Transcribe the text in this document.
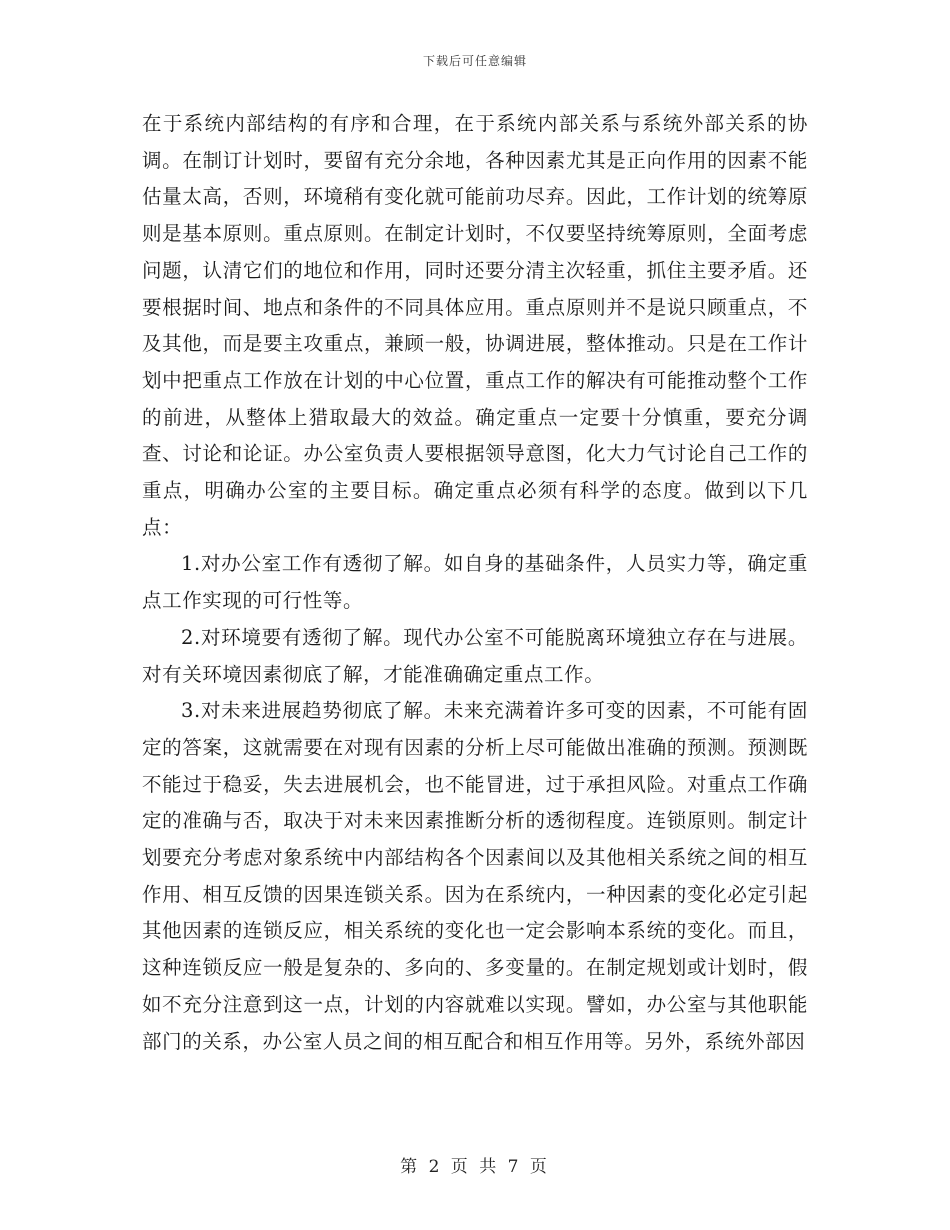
下载后可任意编辑

在于系统内部结构的有序和合理，在于系统内部关系与系统外部关系的协调。在制订计划时，要留有充分余地，各种因素尤其是正向作用的因素不能估量太高，否则，环境稍有变化就可能前功尽弃。因此，工作计划的统筹原则是基本原则。重点原则。在制定计划时，不仅要坚持统筹原则，全面考虑问题，认清它们的地位和作用，同时还要分清主次轻重，抓住主要矛盾。还要根据时间、地点和条件的不同具体应用。重点原则并不是说只顾重点，不及其他，而是要主攻重点，兼顾一般，协调进展，整体推动。只是在工作计划中把重点工作放在计划的中心位置，重点工作的解决有可能推动整个工作的前进，从整体上猎取最大的效益。确定重点一定要十分慎重，要充分调查、讨论和论证。办公室负责人要根据领导意图，化大力气讨论自己工作的重点，明确办公室的主要目标。确定重点必须有科学的态度。做到以下几点：

1.对办公室工作有透彻了解。如自身的基础条件，人员实力等，确定重点工作实现的可行性等。

2.对环境要有透彻了解。现代办公室不可能脱离环境独立存在与进展。对有关环境因素彻底了解，才能准确确定重点工作。

3.对未来进展趋势彻底了解。未来充满着许多可变的因素，不可能有固定的答案，这就需要在对现有因素的分析上尽可能做出准确的预测。预测既不能过于稳妥，失去进展机会，也不能冒进，过于承担风险。对重点工作确定的准确与否，取决于对未来因素推断分析的透彻程度。连锁原则。制定计划要充分考虑对象系统中内部结构各个因素间以及其他相关系统之间的相互作用、相互反馈的因果连锁关系。因为在系统内，一种因素的变化必定引起其他因素的连锁反应，相关系统的变化也一定会影响本系统的变化。而且，这种连锁反应一般是复杂的、多向的、多变量的。在制定规划或计划时，假如不充分注意到这一点，计划的内容就难以实现。譬如，办公室与其他职能部门的关系，办公室人员之间的相互配合和相互作用等。另外，系统外部因

第 2 页 共 7 页
